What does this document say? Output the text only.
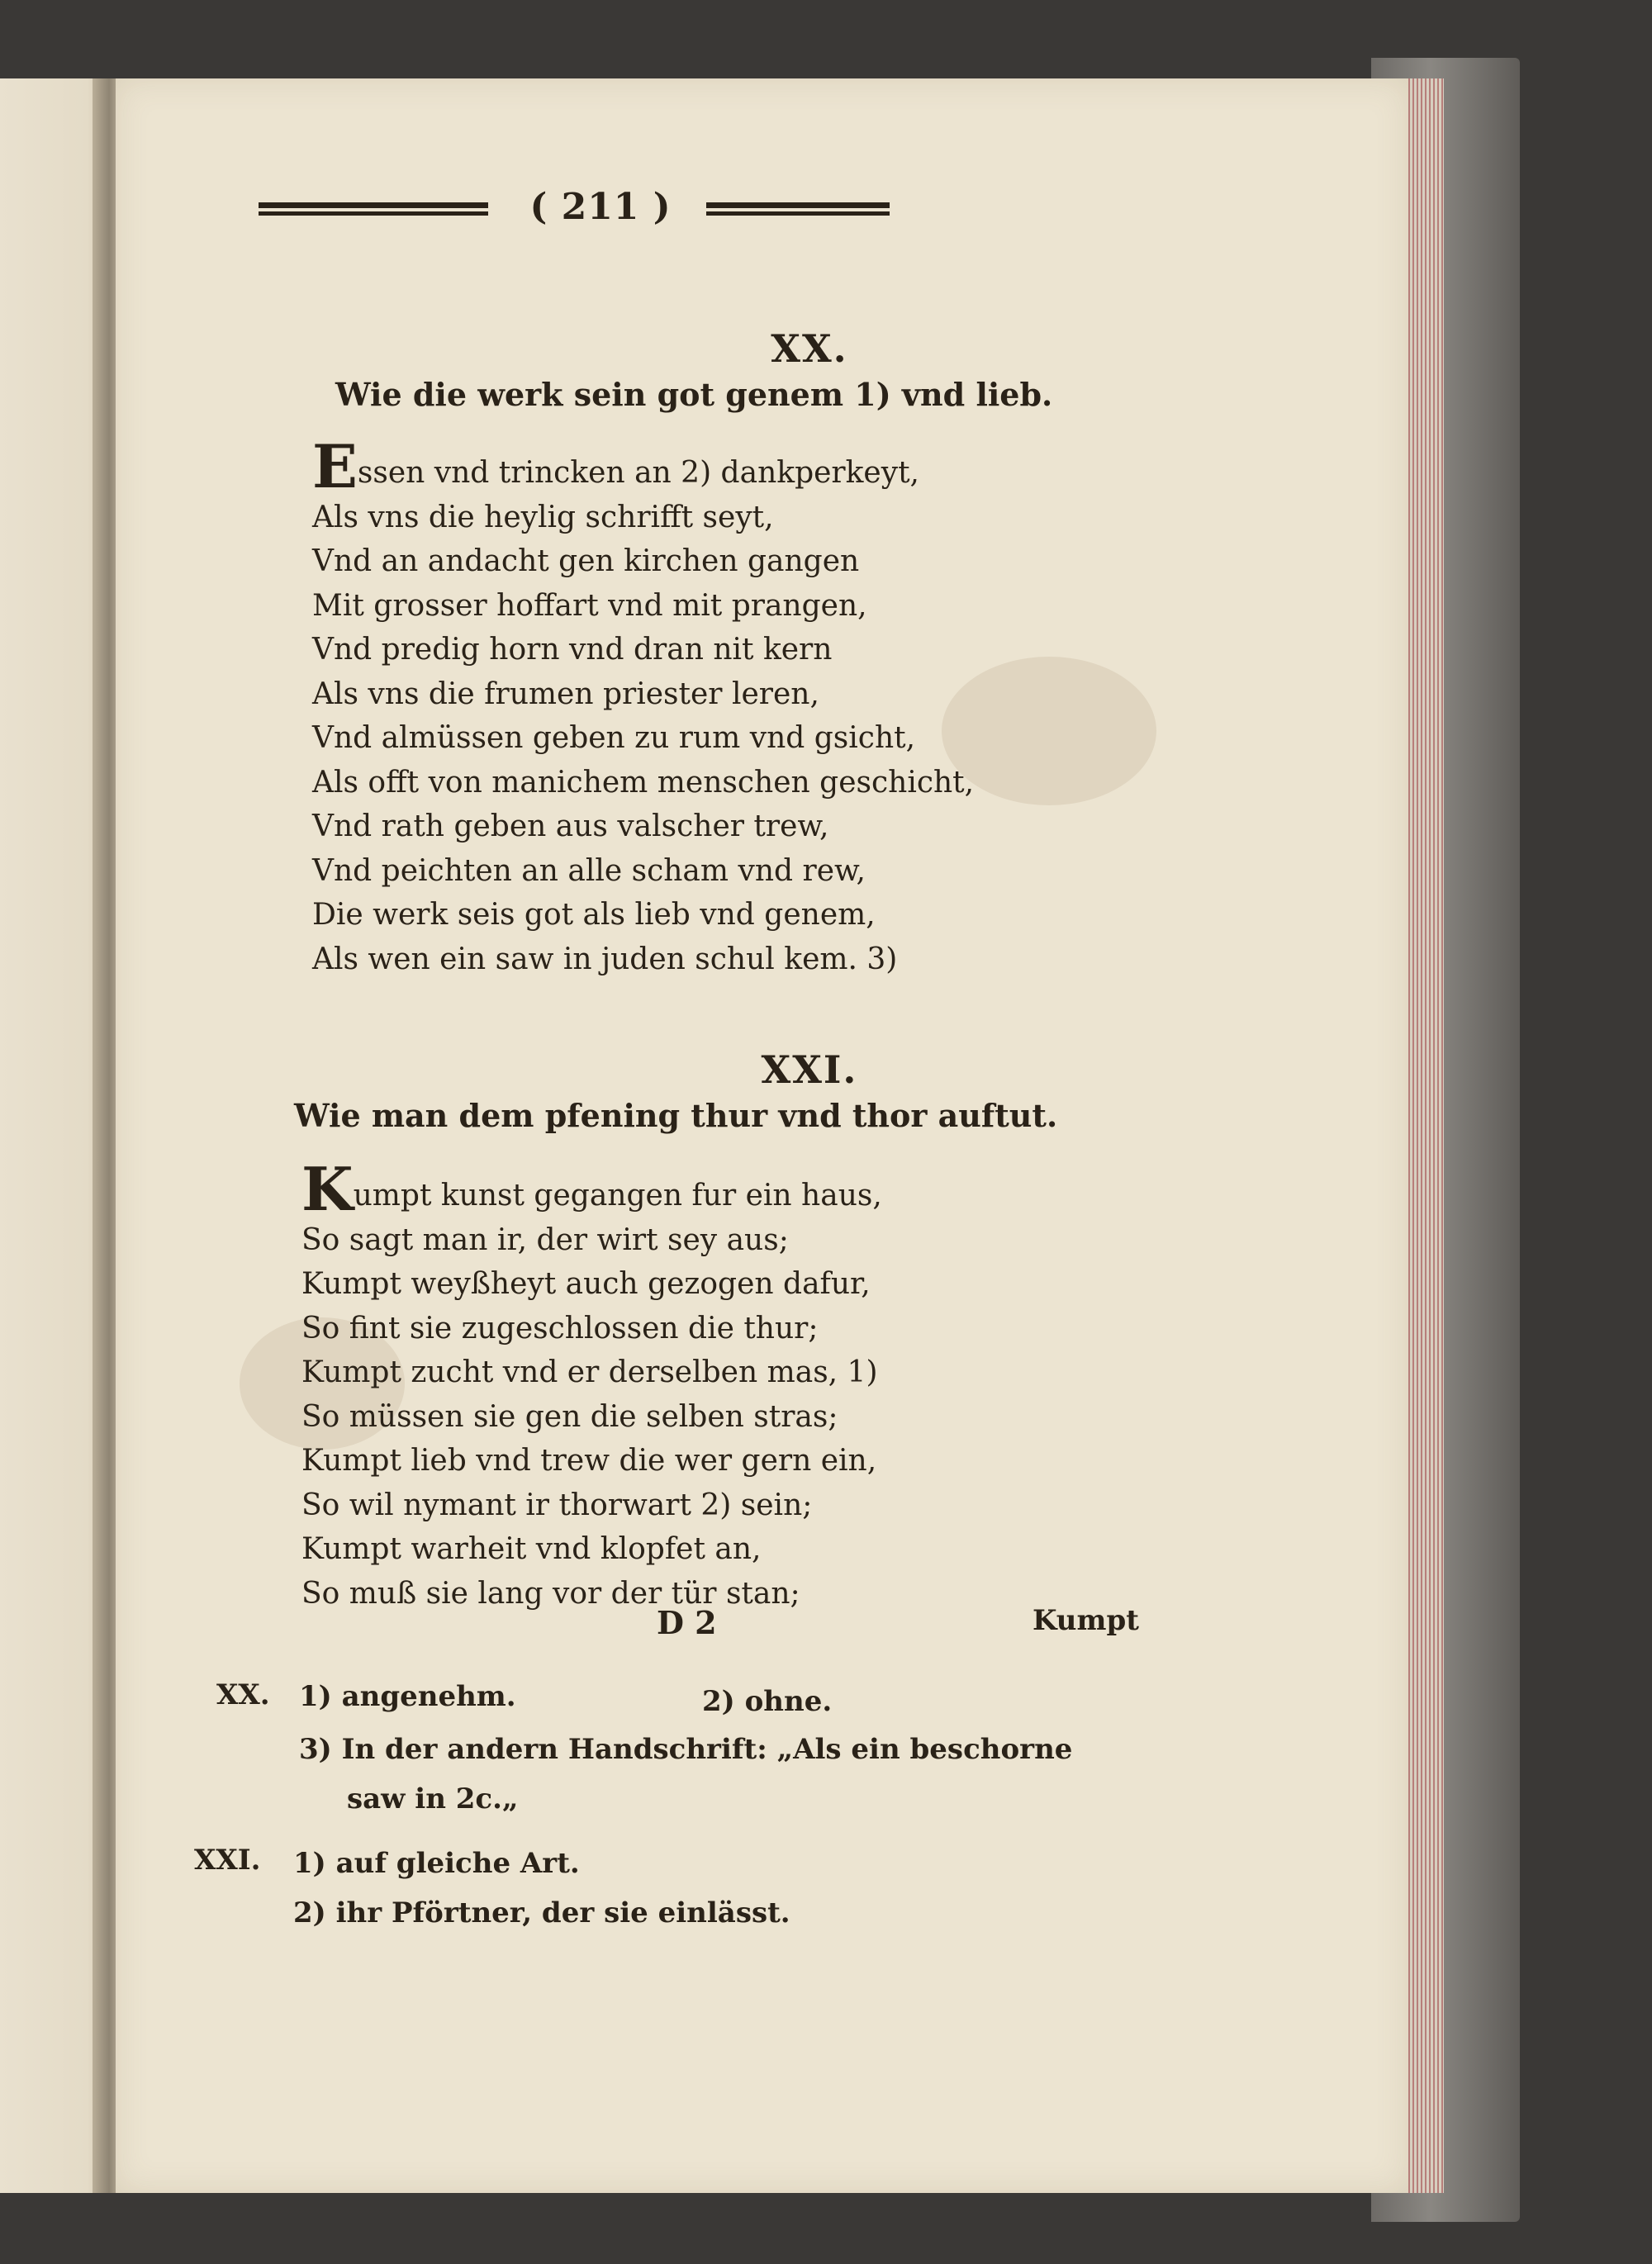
( 211 )
XX.
Wie die werk sein got genem 1) vnd lieb.
Essen vnd trincken an 2) dankperkeyt,
Als vns die heylig schrifft seyt,
Vnd an andacht gen kirchen gangen
Mit grosser hoffart vnd mit prangen,
Vnd predig horn vnd dran nit kern
Als vns die frumen priester leren,
Vnd almüssen geben zu rum vnd gsicht,
Als offt von manichem menschen geschicht,
Vnd rath geben aus valscher trew,
Vnd peichten an alle scham vnd rew,
Die werk seis got als lieb vnd genem,
Als wen ein saw in juden schul kem. 3)
XXI.
Wie man dem pfening thur vnd thor auftut.
Kumpt kunst gegangen fur ein haus,
So sagt man ir, der wirt sey aus;
Kumpt weyßheyt auch gezogen dafur,
So fint sie zugeschlossen die thur;
Kumpt zucht vnd er derselben mas, 1)
So müssen sie gen die selben stras;
Kumpt lieb vnd trew die wer gern ein,
So wil nymant ir thorwart 2) sein;
Kumpt warheit vnd klopfet an,
So muß sie lang vor der tür stan;
D 2	Kumpt
XX. 1) angenehm.	2) ohne.
3) In der andern Handschrift: „Als ein beschorne
saw in 2c.„
XXI. 1) auf gleiche Art.
2) ihr Pförtner, der sie einlässt.
